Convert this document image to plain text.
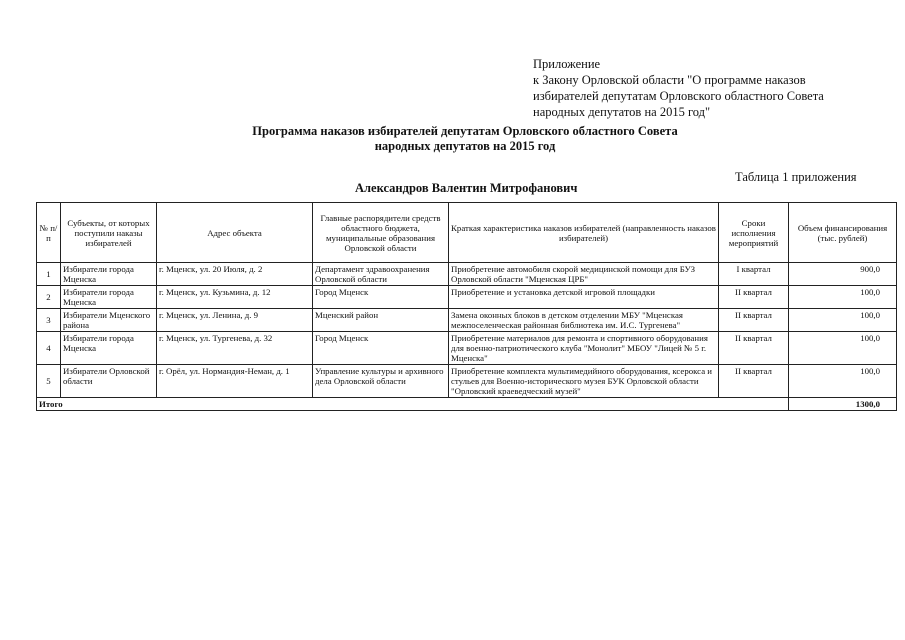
Приложение
к Закону Орловской области "О программе наказов
избирателей депутатам Орловского областного Совета
народных депутатов на 2015 год"
Программа наказов избирателей депутатам Орловского областного Совета
народных депутатов на 2015 год
Таблица 1 приложения
Александров Валентин Митрофанович
№ п/п	Субъекты, от которых поступили наказы избирателей	Адрес объекта	Главные распорядители средств областного бюджета, муниципальные образования Орловской области	Краткая характеристика наказов избирателей (направленность наказов избирателей)	Сроки исполнения мероприятий	Объем финансирования (тыс. рублей)
1	Избиратели города Мценска	г. Мценск, ул. 20 Июля, д. 2	Департамент здравоохранения Орловской области	Приобретение автомобиля скорой медицинской помощи для БУЗ Орловской области "Мценская ЦРБ"	I квартал	900,0
2	Избиратели города Мценска	г. Мценск, ул. Кузьмина, д. 12	Город Мценск	Приобретение и установка детской игровой площадки	II квартал	100,0
3	Избиратели Мценского района	г. Мценск, ул. Ленина, д. 9	Мценский район	Замена оконных блоков в детском отделении МБУ "Мценская межпоселенческая районная библиотека им. И.С. Тургенева"	II квартал	100,0
4	Избиратели города Мценска	г. Мценск, ул. Тургенева, д. 32	Город Мценск	Приобретение материалов для ремонта и спортивного оборудования для военно-патриотического клуба "Монолит" МБОУ "Лицей № 5 г. Мценска"	II квартал	100,0
5	Избиратели Орловской области	г. Орёл, ул. Нормандия-Неман, д. 1	Управление культуры и архивного дела Орловской области	Приобретение комплекта мультимедийного оборудования, ксерокса и стульев для Военно-исторического музея БУК Орловской области "Орловский краеведческий музей"	II квартал	100,0
Итого						1300,0
